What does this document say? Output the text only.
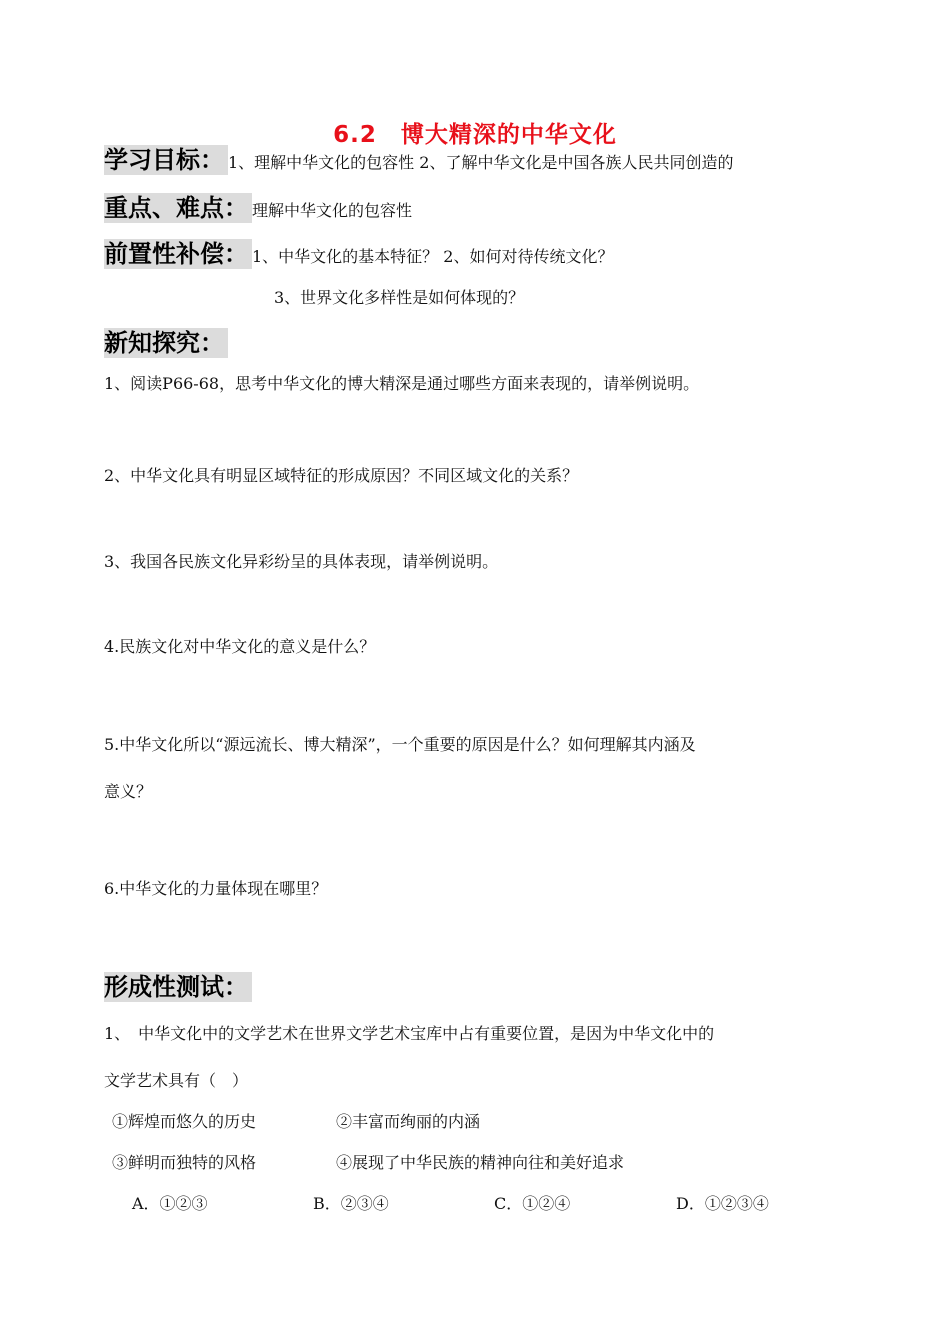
6.2　博大精深的中华文化
学习目标： 1、理解中华文化的包容性 2、了解中华文化是中国各族人民共同创造的
重点、难点： 理解中华文化的包容性
前置性补偿： 1、中华文化的基本特征？ 2、如何对待传统文化？
3、世界文化多样性是如何体现的？
新知探究：
1、阅读P66-68，思考中华文化的博大精深是通过哪些方面来表现的，请举例说明。
2、中华文化具有明显区域特征的形成原因？不同区域文化的关系？
3、我国各民族文化异彩纷呈的具体表现，请举例说明。
4.民族文化对中华文化的意义是什么？
5.中华文化所以“源远流长、博大精深”，一个重要的原因是什么？如何理解其内涵及
意义？
6.中华文化的力量体现在哪里？
形成性测试：
1、　中华文化中的文学艺术在世界文学艺术宝库中占有重要位置，是因为中华文化中的
文学艺术具有（　）
①辉煌而悠久的历史	②丰富而绚丽的内涵
③鲜明而独特的风格	④展现了中华民族的精神向往和美好追求
A．①②③	B．②③④	C．①②④	D．①②③④
